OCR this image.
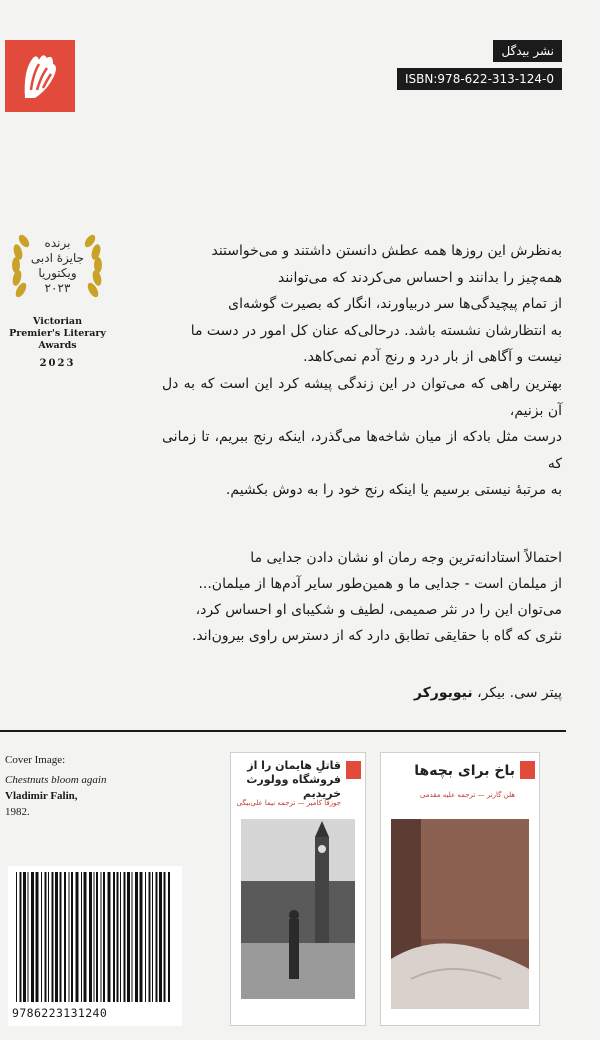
نشر بیدگل
ISBN:978-622-313-124-0
برنده
جایزهٔ ادبی
ویکتوریا
۲۰۲۳
Victorian
Premier's Literary
Awards
2023
به‌نظرش این روزها همه عطش دانستن داشتند و می‌خواستند
همه‌چیز را بدانند و احساس می‌کردند که می‌توانند
از تمام پیچیدگی‌ها سر دربیاورند، انگار که بصیرت گوشه‌ای
به انتظارشان نشسته باشد. درحالی‌که عنان کل امور در دست ما
نیست و آگاهی از بار درد و رنج آدم نمی‌کاهد.
بهترین راهی که می‌توان در این زندگی پیشه کرد این است که به دل آن بزنیم،
درست مثل بادکه از میان شاخه‌ها می‌گذرد، اینکه رنج ببریم، تا زمانی که
به مرتبهٔ نیستی برسیم یا اینکه رنج خود را به دوش بکشیم.
احتمالاً استادانه‌ترین وجه رمان او نشان دادن جدایی ما
از میلمان است - جدایی ما و همین‌طور سایر آدم‌ها از میلمان...
می‌توان این را در نثر صمیمی، لطیف و شکیبای او احساس کرد،
نثری که گاه با حقایقی تطابق دارد که از دسترس راوی بیرون‌اند.
پیتر سی. بیکر، نیویورکر
Cover Image:
Chestnuts bloom again
Vladimir Falin,
1982.
قاتلِ هایمان را از فروشگاه وولورث خریدیم
جوزفا کامیر — ترجمه نیما علی‌بیگی
باخ برای بچه‌ها
هلن گارنر — ترجمه علیه مقدمی
9786223131240
